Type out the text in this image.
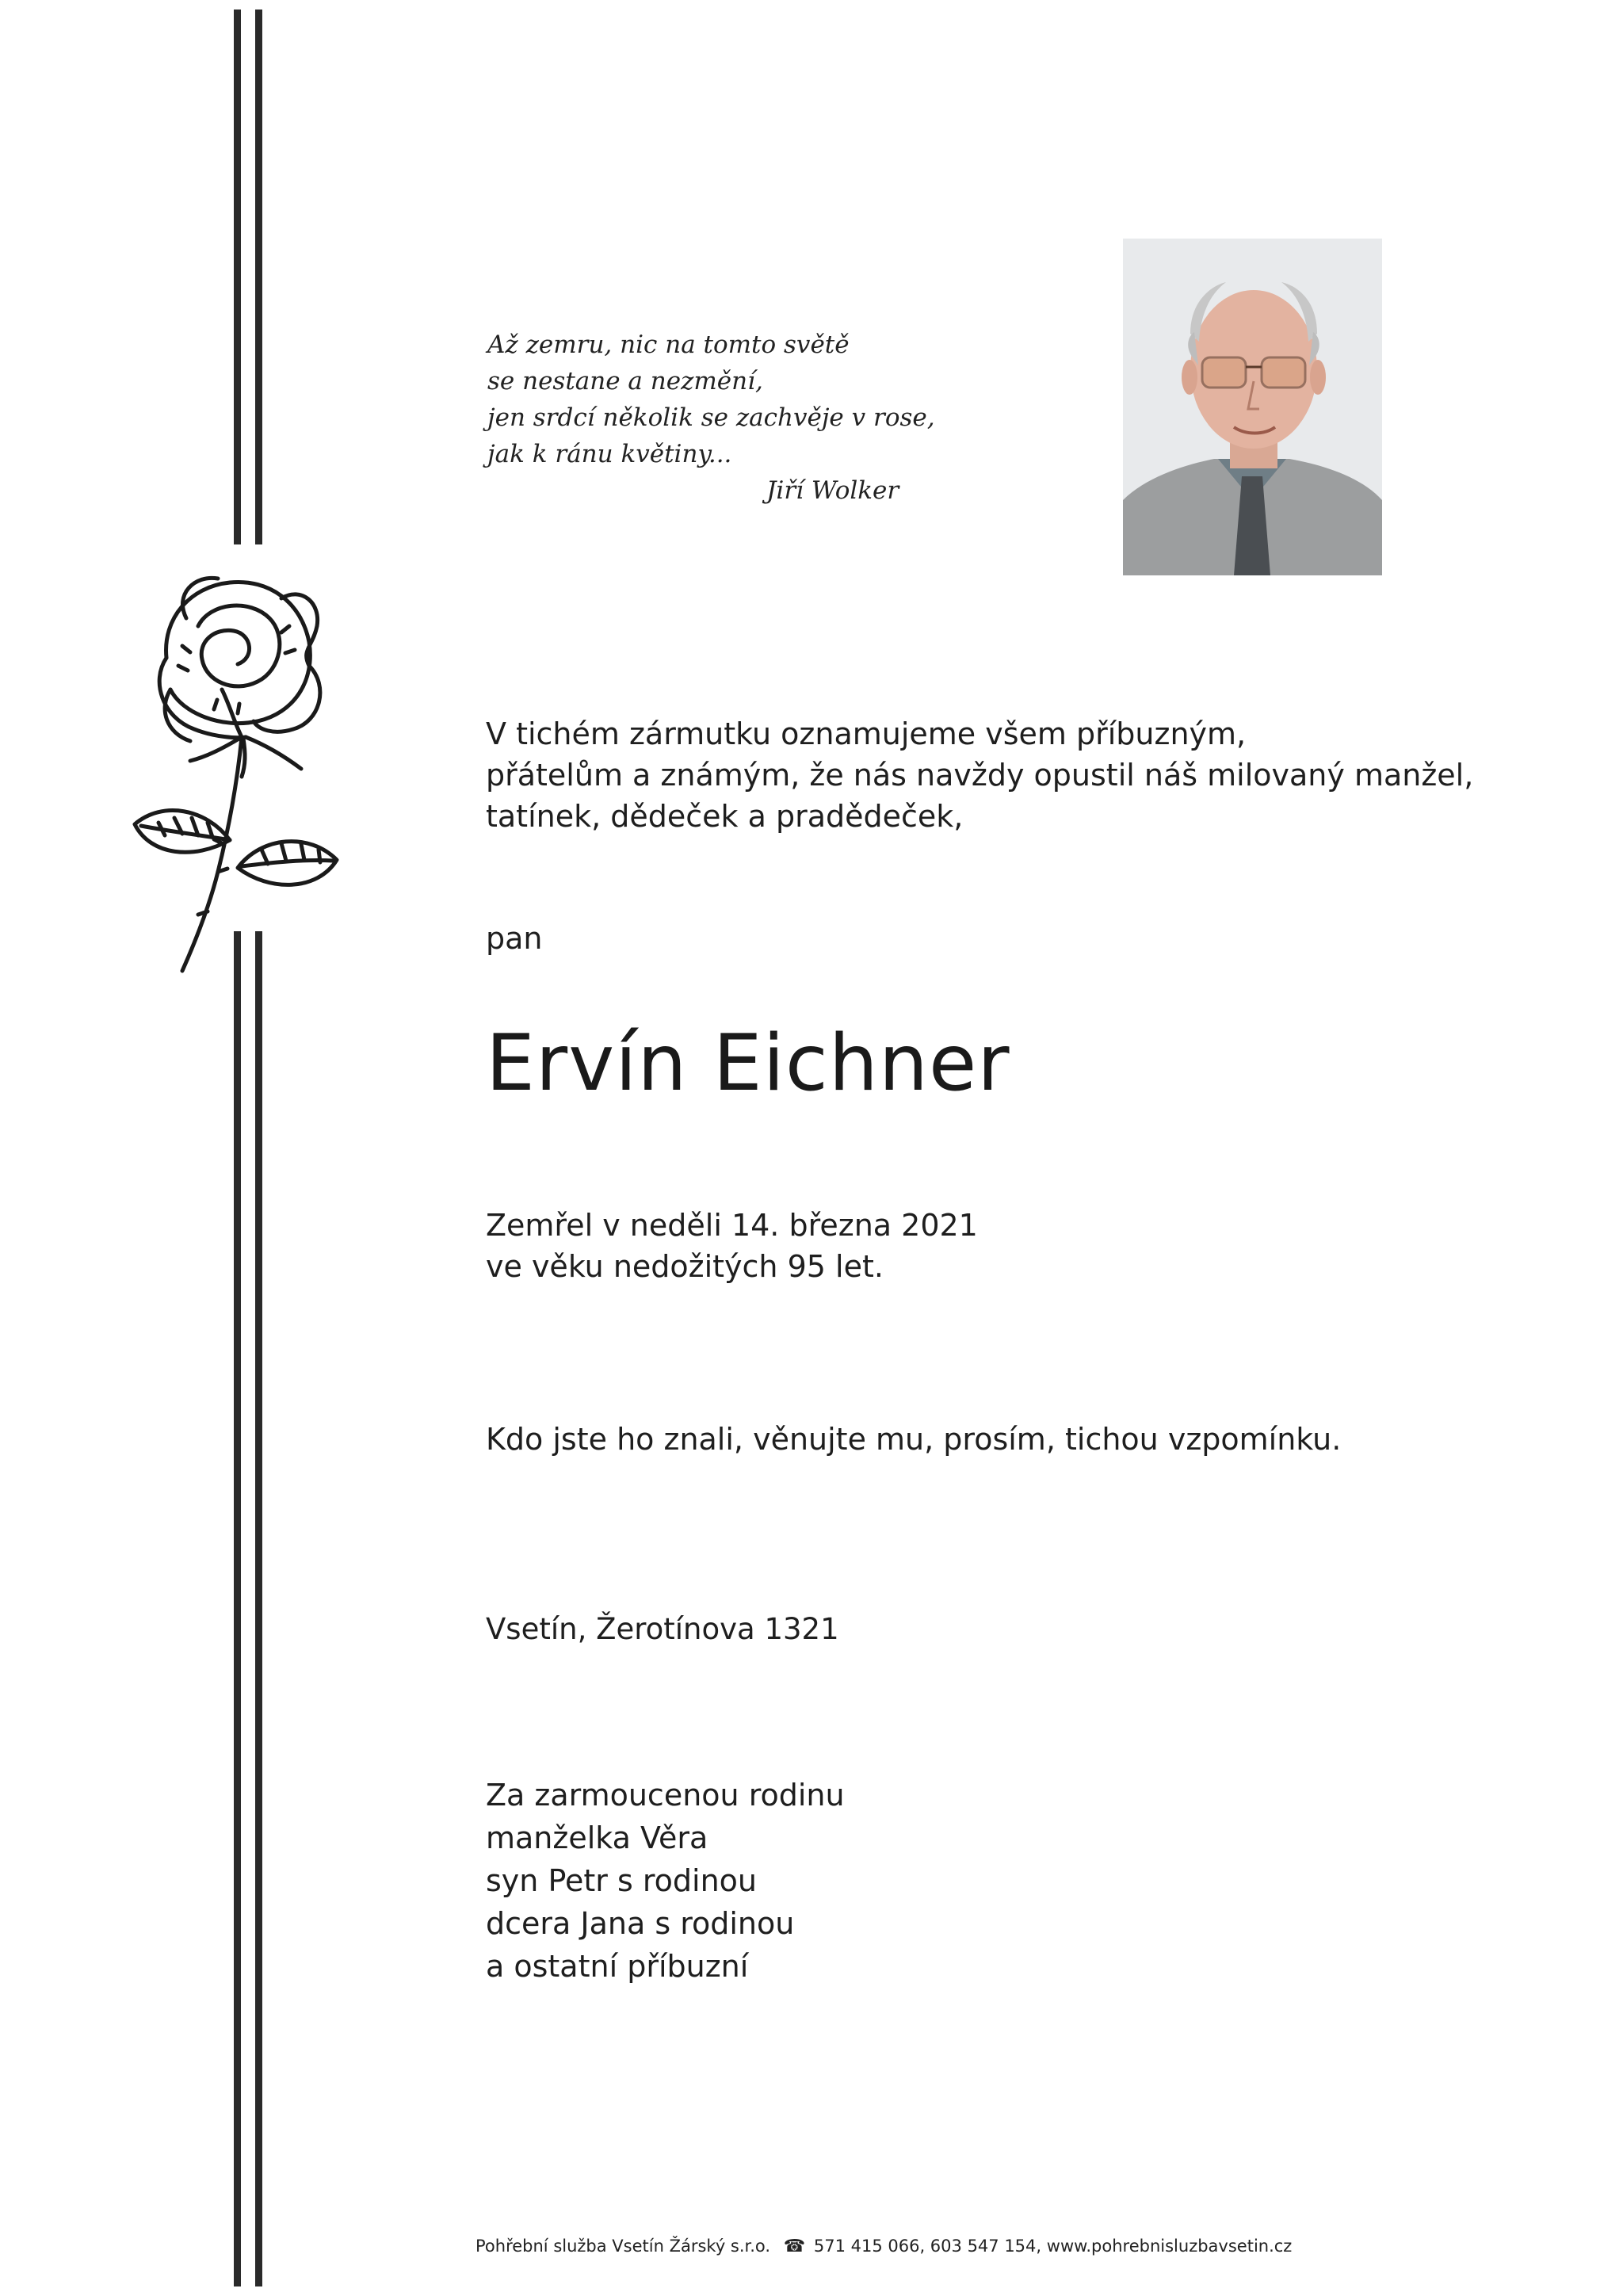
Až zemru, nic na tomto světě
se nestane a nezmění,
jen srdcí několik se zachvěje v rose,
jak k ránu květiny...
Jiří Wolker
V tichém zármutku oznamujeme všem příbuzným,
přátelům a známým, že nás navždy opustil náš milovaný manžel,
tatínek, dědeček a pradědeček,
pan
Ervín Eichner
Zemřel v neděli 14. března 2021
ve věku nedožitých 95 let.
Kdo jste ho znali, věnujte mu, prosím, tichou vzpomínku.
Vsetín, Žerotínova 1321
Za zarmoucenou rodinu
manželka Věra
syn Petr s rodinou
dcera Jana s rodinou
a ostatní příbuzní
Pohřební služba Vsetín Žárský s.r.o. ☎ 571 415 066, 603 547 154, www.pohrebnisluzbavsetin.cz
